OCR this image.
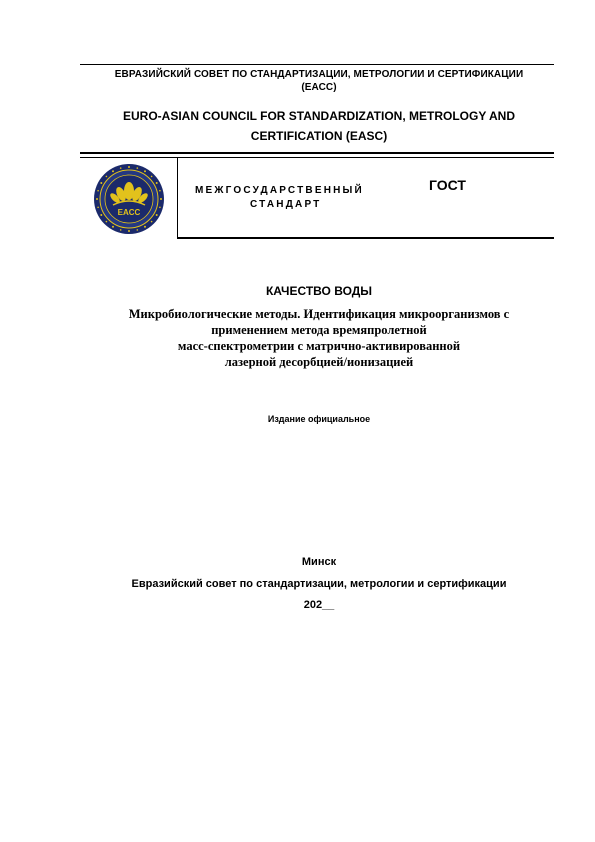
ЕВРАЗИЙСКИЙ СОВЕТ ПО СТАНДАРТИЗАЦИИ, МЕТРОЛОГИИ И СЕРТИФИКАЦИИ
(ЕАСС)
EURO-ASIAN COUNCIL FOR STANDARDIZATION, METROLOGY AND
CERTIFICATION (EASC)
EACC
МЕЖГОСУДАРСТВЕННЫЙ
СТАНДАРТ
ГОСТ
КАЧЕСТВО ВОДЫ
Микробиологические методы. Идентификация микроорганизмов с
применением метода времяпролетной
масс-спектрометрии с матрично-активированной
лазерной десорбцией/ионизацией
Издание официальное
Минск
Евразийский совет по стандартизации, метрологии и сертификации
202__
